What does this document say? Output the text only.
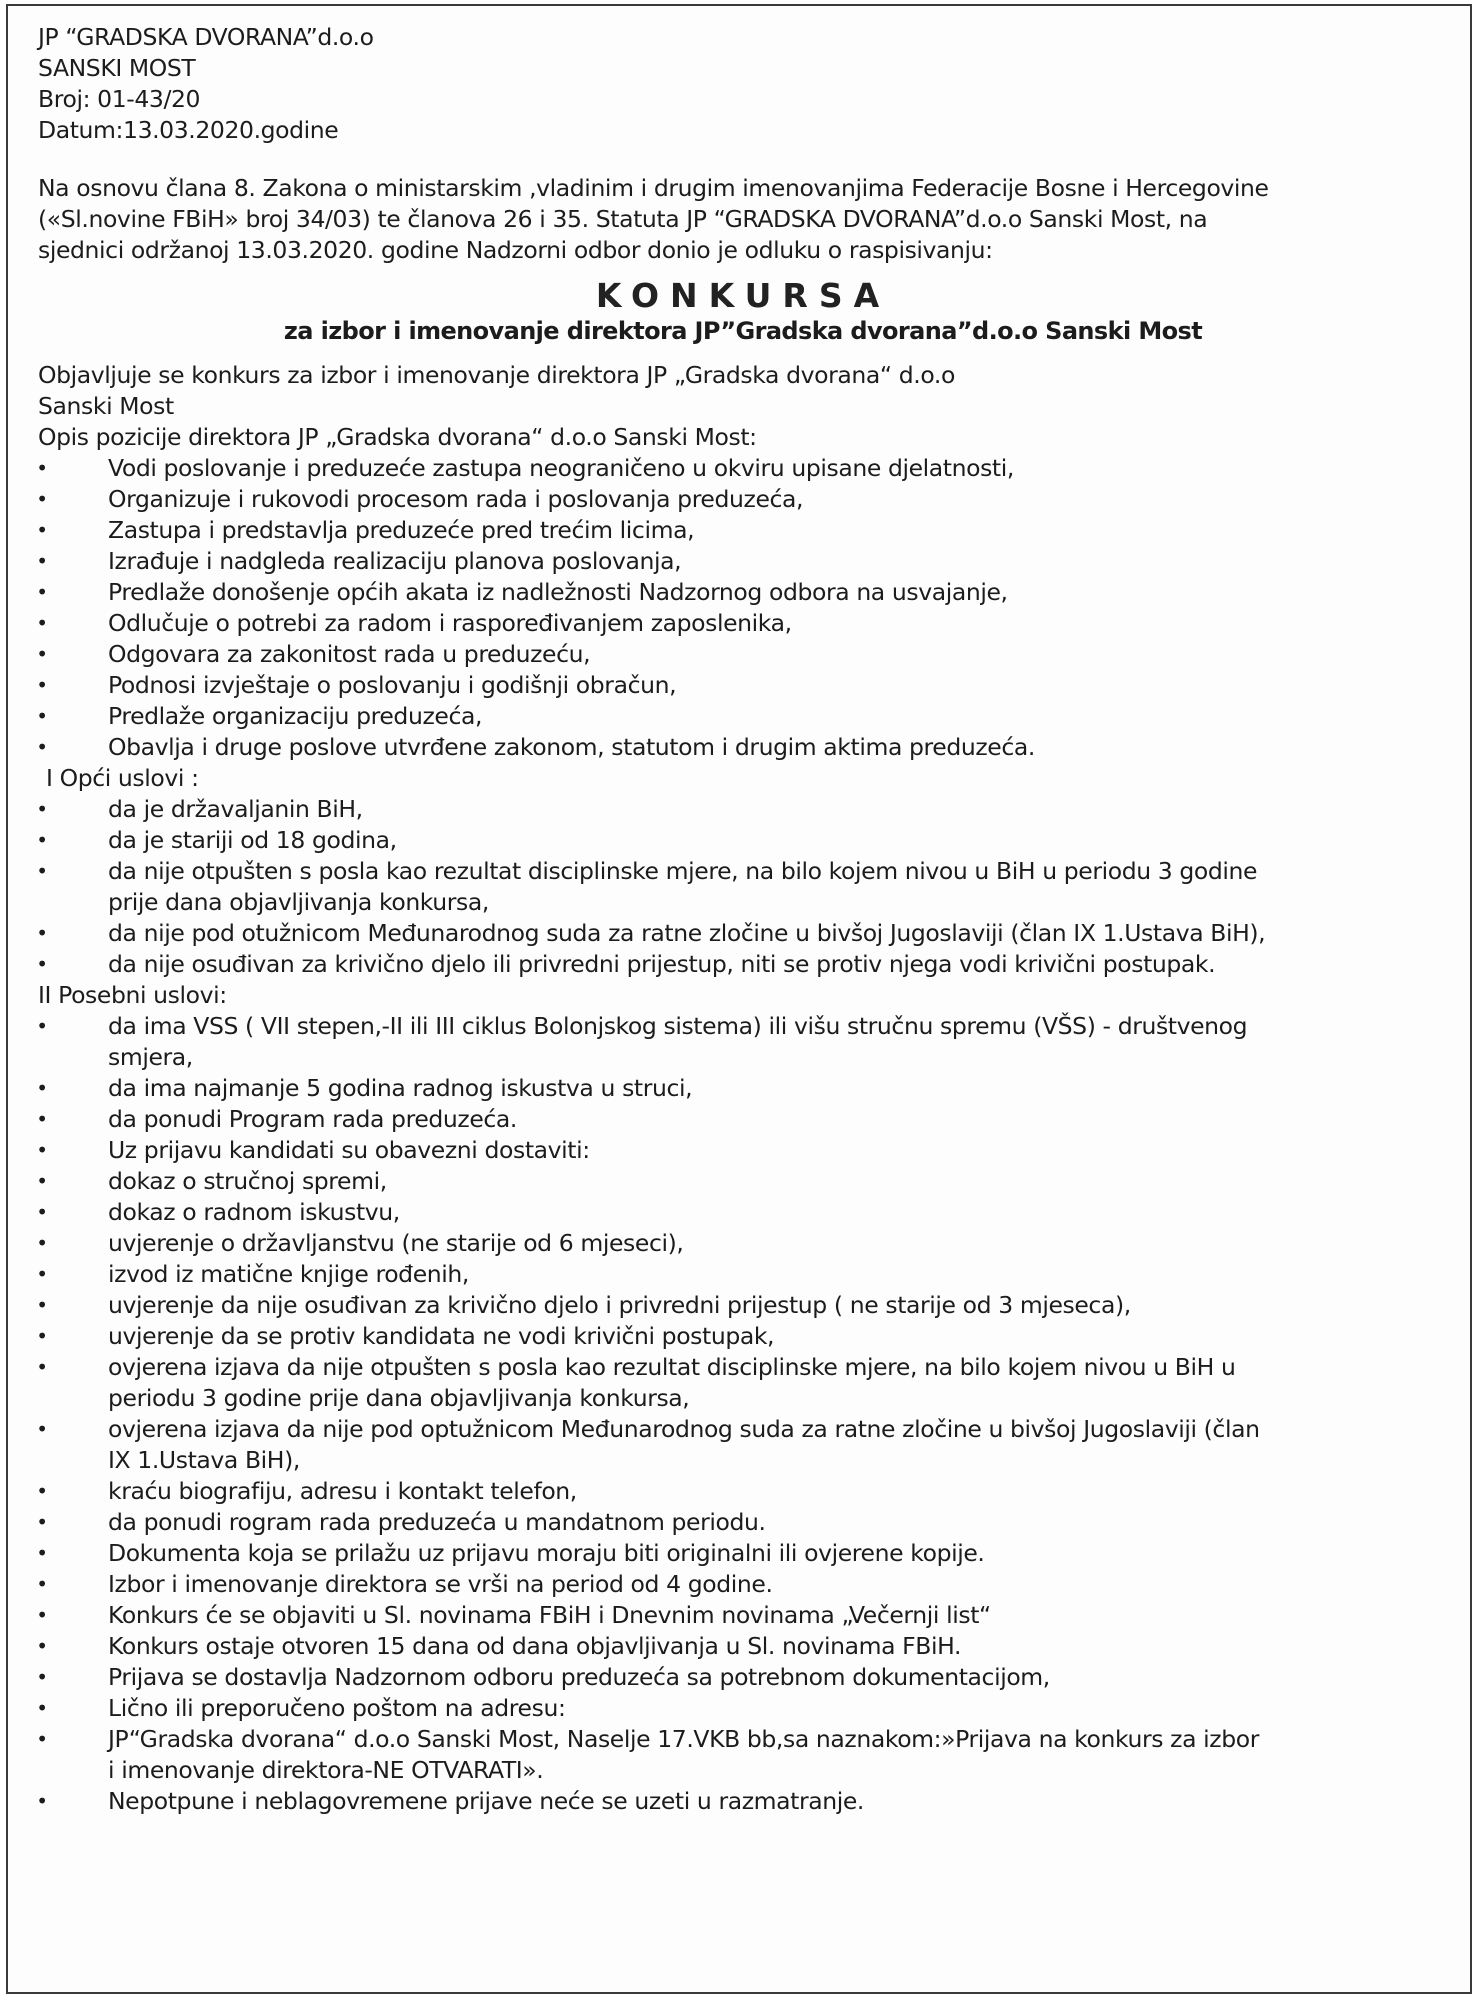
JP “GRADSKA DVORANA”d.o.o
SANSKI MOST
Broj: 01-43/20
Datum:13.03.2020.godine
Na osnovu člana 8. Zakona o ministarskim ,vladinim i drugim imenovanjima Federacije Bosne i Hercegovine
(«Sl.novine FBiH» broj 34/03) te članova 26 i 35. Statuta JP “GRADSKA DVORANA”d.o.o Sanski Most, na
sjednici održanoj 13.03.2020. godine Nadzorni odbor donio je odluku o raspisivanju:
KONKURSA
za izbor i imenovanje direktora JP”Gradska dvorana”d.o.o Sanski Most
Objavljuje se konkurs za izbor i imenovanje direktora JP „Gradska dvorana“ d.o.o
Sanski Most
Opis pozicije direktora JP „Gradska dvorana“ d.o.o Sanski Most:
•	Vodi poslovanje i preduzeće zastupa neograničeno u okviru upisane djelatnosti,
•	Organizuje i rukovodi procesom rada i poslovanja preduzeća,
•	Zastupa i predstavlja preduzeće pred trećim licima,
•	Izrađuje i nadgleda realizaciju planova poslovanja,
•	Predlaže donošenje općih akata iz nadležnosti Nadzornog odbora na usvajanje,
•	Odlučuje o potrebi za radom i raspoređivanjem zaposlenika,
•	Odgovara za zakonitost rada u preduzeću,
•	Podnosi izvještaje o poslovanju i godišnji obračun,
•	Predlaže organizaciju preduzeća,
•	Obavlja i druge poslove utvrđene zakonom, statutom i drugim aktima preduzeća.
I Opći uslovi :
•	da je državaljanin BiH,
•	da je stariji od 18 godina,
•	da nije otpušten s posla kao rezultat disciplinske mjere, na bilo kojem nivou u BiH u periodu 3 godine
prije dana objavljivanja konkursa,
•	da nije pod otužnicom Međunarodnog suda za ratne zločine u bivšoj Jugoslaviji (član IX 1.Ustava BiH),
•	da nije osuđivan za krivično djelo ili privredni prijestup, niti se protiv njega vodi krivični postupak.
II Posebni uslovi:
•	da ima VSS ( VII stepen,-II ili III ciklus Bolonjskog sistema) ili višu stručnu spremu (VŠS) - društvenog
smjera,
•	da ima najmanje 5 godina radnog iskustva u struci,
•	da ponudi Program rada preduzeća.
•	Uz prijavu kandidati su obavezni dostaviti:
•	dokaz o stručnoj spremi,
•	dokaz o radnom iskustvu,
•	uvjerenje o državljanstvu (ne starije od 6 mjeseci),
•	izvod iz matične knjige rođenih,
•	uvjerenje da nije osuđivan za krivično djelo i privredni prijestup ( ne starije od 3 mjeseca),
•	uvjerenje da se protiv kandidata ne vodi krivični postupak,
•	ovjerena izjava da nije otpušten s posla kao rezultat disciplinske mjere, na bilo kojem nivou u BiH u
periodu 3 godine prije dana objavljivanja konkursa,
•	ovjerena izjava da nije pod optužnicom Međunarodnog suda za ratne zločine u bivšoj Jugoslaviji (član
IX 1.Ustava BiH),
•	kraću biografiju, adresu i kontakt telefon,
•	da ponudi rogram rada preduzeća u mandatnom periodu.
•	Dokumenta koja se prilažu uz prijavu moraju biti originalni ili ovjerene kopije.
•	Izbor i imenovanje direktora se vrši na period od 4 godine.
•	Konkurs će se objaviti u Sl. novinama FBiH i Dnevnim novinama „Večernji list“
•	Konkurs ostaje otvoren 15 dana od dana objavljivanja u Sl. novinama FBiH.
•	Prijava se dostavlja Nadzornom odboru preduzeća sa potrebnom dokumentacijom,
•	Lično ili preporučeno poštom na adresu:
•	JP“Gradska dvorana“ d.o.o Sanski Most, Naselje 17.VKB bb,sa naznakom:»Prijava na konkurs za izbor
i imenovanje direktora-NE OTVARATI».
•	Nepotpune i neblagovremene prijave neće se uzeti u razmatranje.
